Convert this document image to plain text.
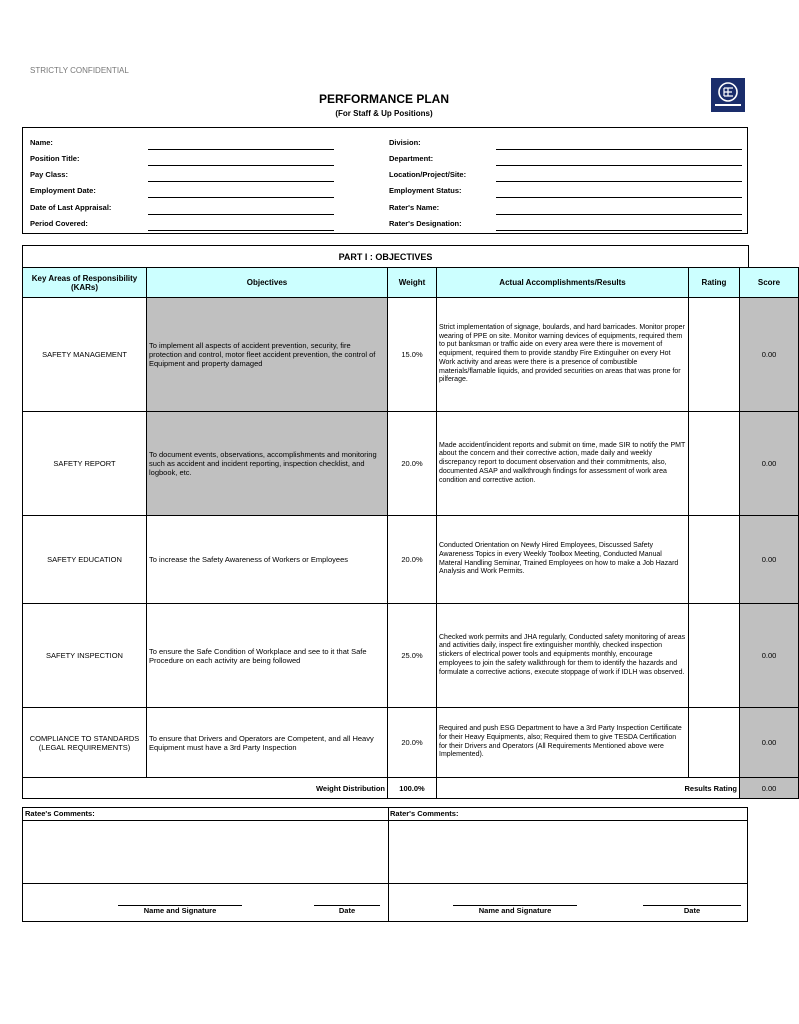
STRICTLY CONFIDENTIAL
PERFORMANCE PLAN
(For Staff & Up Positions)
Name:
Position Title:
Pay Class:
Employment Date:
Date of Last Appraisal:
Period Covered:
Division:
Department:
Location/Project/Site:
Employment Status:
Rater's Name:
Rater's Designation:
PART I : OBJECTIVES
Key Areas of Responsibility (KARs)	Objectives	Weight	Actual Accomplishments/Results	Rating	Score
SAFETY MANAGEMENT	To implement all aspects of accident prevention, security, fire protection and control, motor fleet accident prevention, the control of Equipment and property damaged	15.0%	Strict implementation of signage, boulards, and hard barricades. Monitor proper wearing of PPE on site. Monitor warning devices of equipments, required them to put banksman or traffic aide on every area were there is movement of equipment, required them to provide standby Fire Extinguiher on every Hot Work activity and areas were there is a presence of combustible materials/flamable liquids, and provided securities on areas that was prone for pilferage.		0.00
SAFETY REPORT	To document events, observations, accomplishments and monitoring such as accident and incident reporting, inspection checklist, and logbook, etc.	20.0%	Made accident/incident reports and submit on time, made SIR to notify the PMT about the concern and their corrective action, made daily and weekly discrepancy report to document observation and their commitments, also, documented ASAP and walkthrough findings for assessment of work area condition and corrective action.		0.00
SAFETY EDUCATION	To increase the Safety Awareness of Workers or Employees	20.0%	Conducted Orientation on Newly Hired Employees, Discussed Safety Awareness Topics in every Weekly Toolbox Meeting, Conducted Manual Materal Handling Seminar, Trained Employees on how to make a Job Hazard Analysis and Work Permits.		0.00
SAFETY INSPECTION	To ensure the Safe Condition of Workplace and see to it that Safe Procedure on each activity are being followed	25.0%	Checked work permits and JHA regularly, Conducted safety monitoring of areas and activities daily, inspect fire extinguisher monthly, checked inspection stickers of electrical power tools and equipments monthly, encourage employees to join the safety walkthrough for them to identify the hazards and formulate a corrective actions, execute stoppage of work if IDLH was observed.		0.00
COMPLIANCE TO STANDARDS (LEGAL REQUIREMENTS)	To ensure that Drivers and Operators are Competent, and all Heavy Equipment must have a 3rd Party Inspection	20.0%	Required and push ESG Department to have a 3rd Party Inspection Certificate for their Heavy Equipments, also; Required them to give TESDA Certification for their Drivers and Operators (All Requirements Mentioned above were Implemented).		0.00
Weight Distribution		100.0%	Results Rating		0.00
Ratee's Comments:	Rater's Comments:
Name and Signature	Date	Name and Signature	Date
